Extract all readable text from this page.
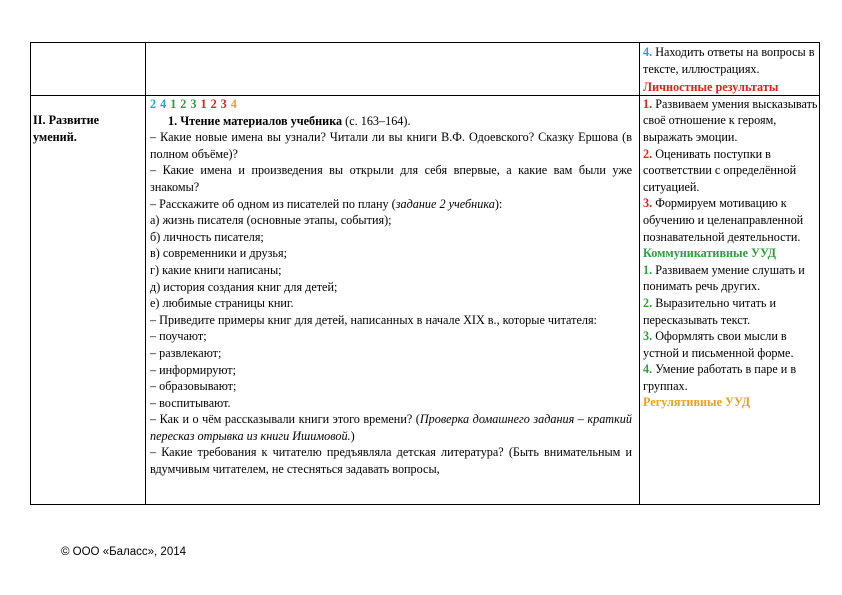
II. Развитие умений.

2 4 1 2 3 1 2 3 4

1. Чтение материалов учебника (с. 163–164).

– Какие новые имена вы узнали? Читали ли вы книги В.Ф. Одоевского? Сказку Ершова (в полном объёме)?

– Какие имена и произведения вы открыли для себя впервые, а какие вам были уже знакомы?

– Расскажите об одном из писателей по плану (задание 2 учебника):

а) жизнь писателя (основные этапы, события);

б) личность писателя;

в) современники и друзья;

г) какие книги написаны;

д) история создания книг для детей;

е) любимые страницы книг.

– Приведите примеры книг для детей, написанных в начале XIX в., которые читателя:

– поучают;

– развлекают;

– информируют;

– образовывают;

– воспитывают.

– Как и о чём рассказывали книги этого времени? (Проверка домашнего задания – краткий пересказ отрывка из книги Ишимовой.)

– Какие требования к читателю предъявляла детская литература? (Быть внимательным и вдумчивым читателем, не стесняться задавать вопросы,

4. Находить ответы на вопросы в тексте, иллюстрациях.

Личностные результаты

1. Развиваем умения высказывать своё отношение к героям, выражать эмоции.

2. Оценивать поступки в соответствии с определённой ситуацией.

3. Формируем мотивацию к обучению и целенаправленной познавательной деятельности.

Коммуникативные УУД

1. Развиваем умение слушать и понимать речь других.

2. Выразительно читать и пересказывать текст.

3. Оформлять свои мысли в устной и письменной форме.

4. Умение работать в паре и в группах.

Регулятивные УУД

© ООО «Баласс», 2014
